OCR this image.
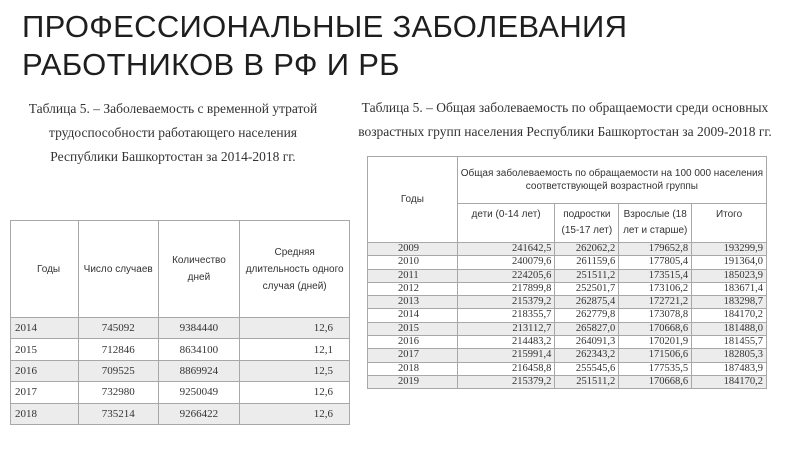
ПРОФЕССИОНАЛЬНЫЕ ЗАБОЛЕВАНИЯ РАБОТНИКОВ В РФ И РБ
Таблица 5. – Заболеваемость с временной утратой трудоспособности работающего населения Республики Башкортостан за 2014-2018 гг.
Таблица 5. – Общая заболеваемость по обращаемости среди основных возрастных групп населения Республики Башкортостан за 2009-2018 гг.
Годы	Число случаев	Количество дней	Средняя длительность одного случая (дней)
2014	745092	9384440	12,6
2015	712846	8634100	12,1
2016	709525	8869924	12,5
2017	732980	9250049	12,6
2018	735214	9266422	12,6
Годы	Общая заболеваемость по обращаемости на 100 000 населения
соответствующей возрастной группы			

	дети (0-14 лет)	подростки (15-17 лет)	Взрослые (18 лет и старше)	Итого
2009	241642,5	262062,2	179652,8	193299,9
2010	240079,6	261159,6	177805,4	191364,0
2011	224205,6	251511,2	173515,4	185023,9
2012	217899,8	252501,7	173106,2	183671,4
2013	215379,2	262875,4	172721,2	183298,7
2014	218355,7	262779,8	173078,8	184170,2
2015	213112,7	265827,0	170668,6	181488,0
2016	214483,2	264091,3	170201,9	181455,7
2017	215991,4	262343,2	171506,6	182805,3
2018	216458,8	255545,6	177535,5	187483,9
2019	215379,2	251511,2	170668,6	184170,2
